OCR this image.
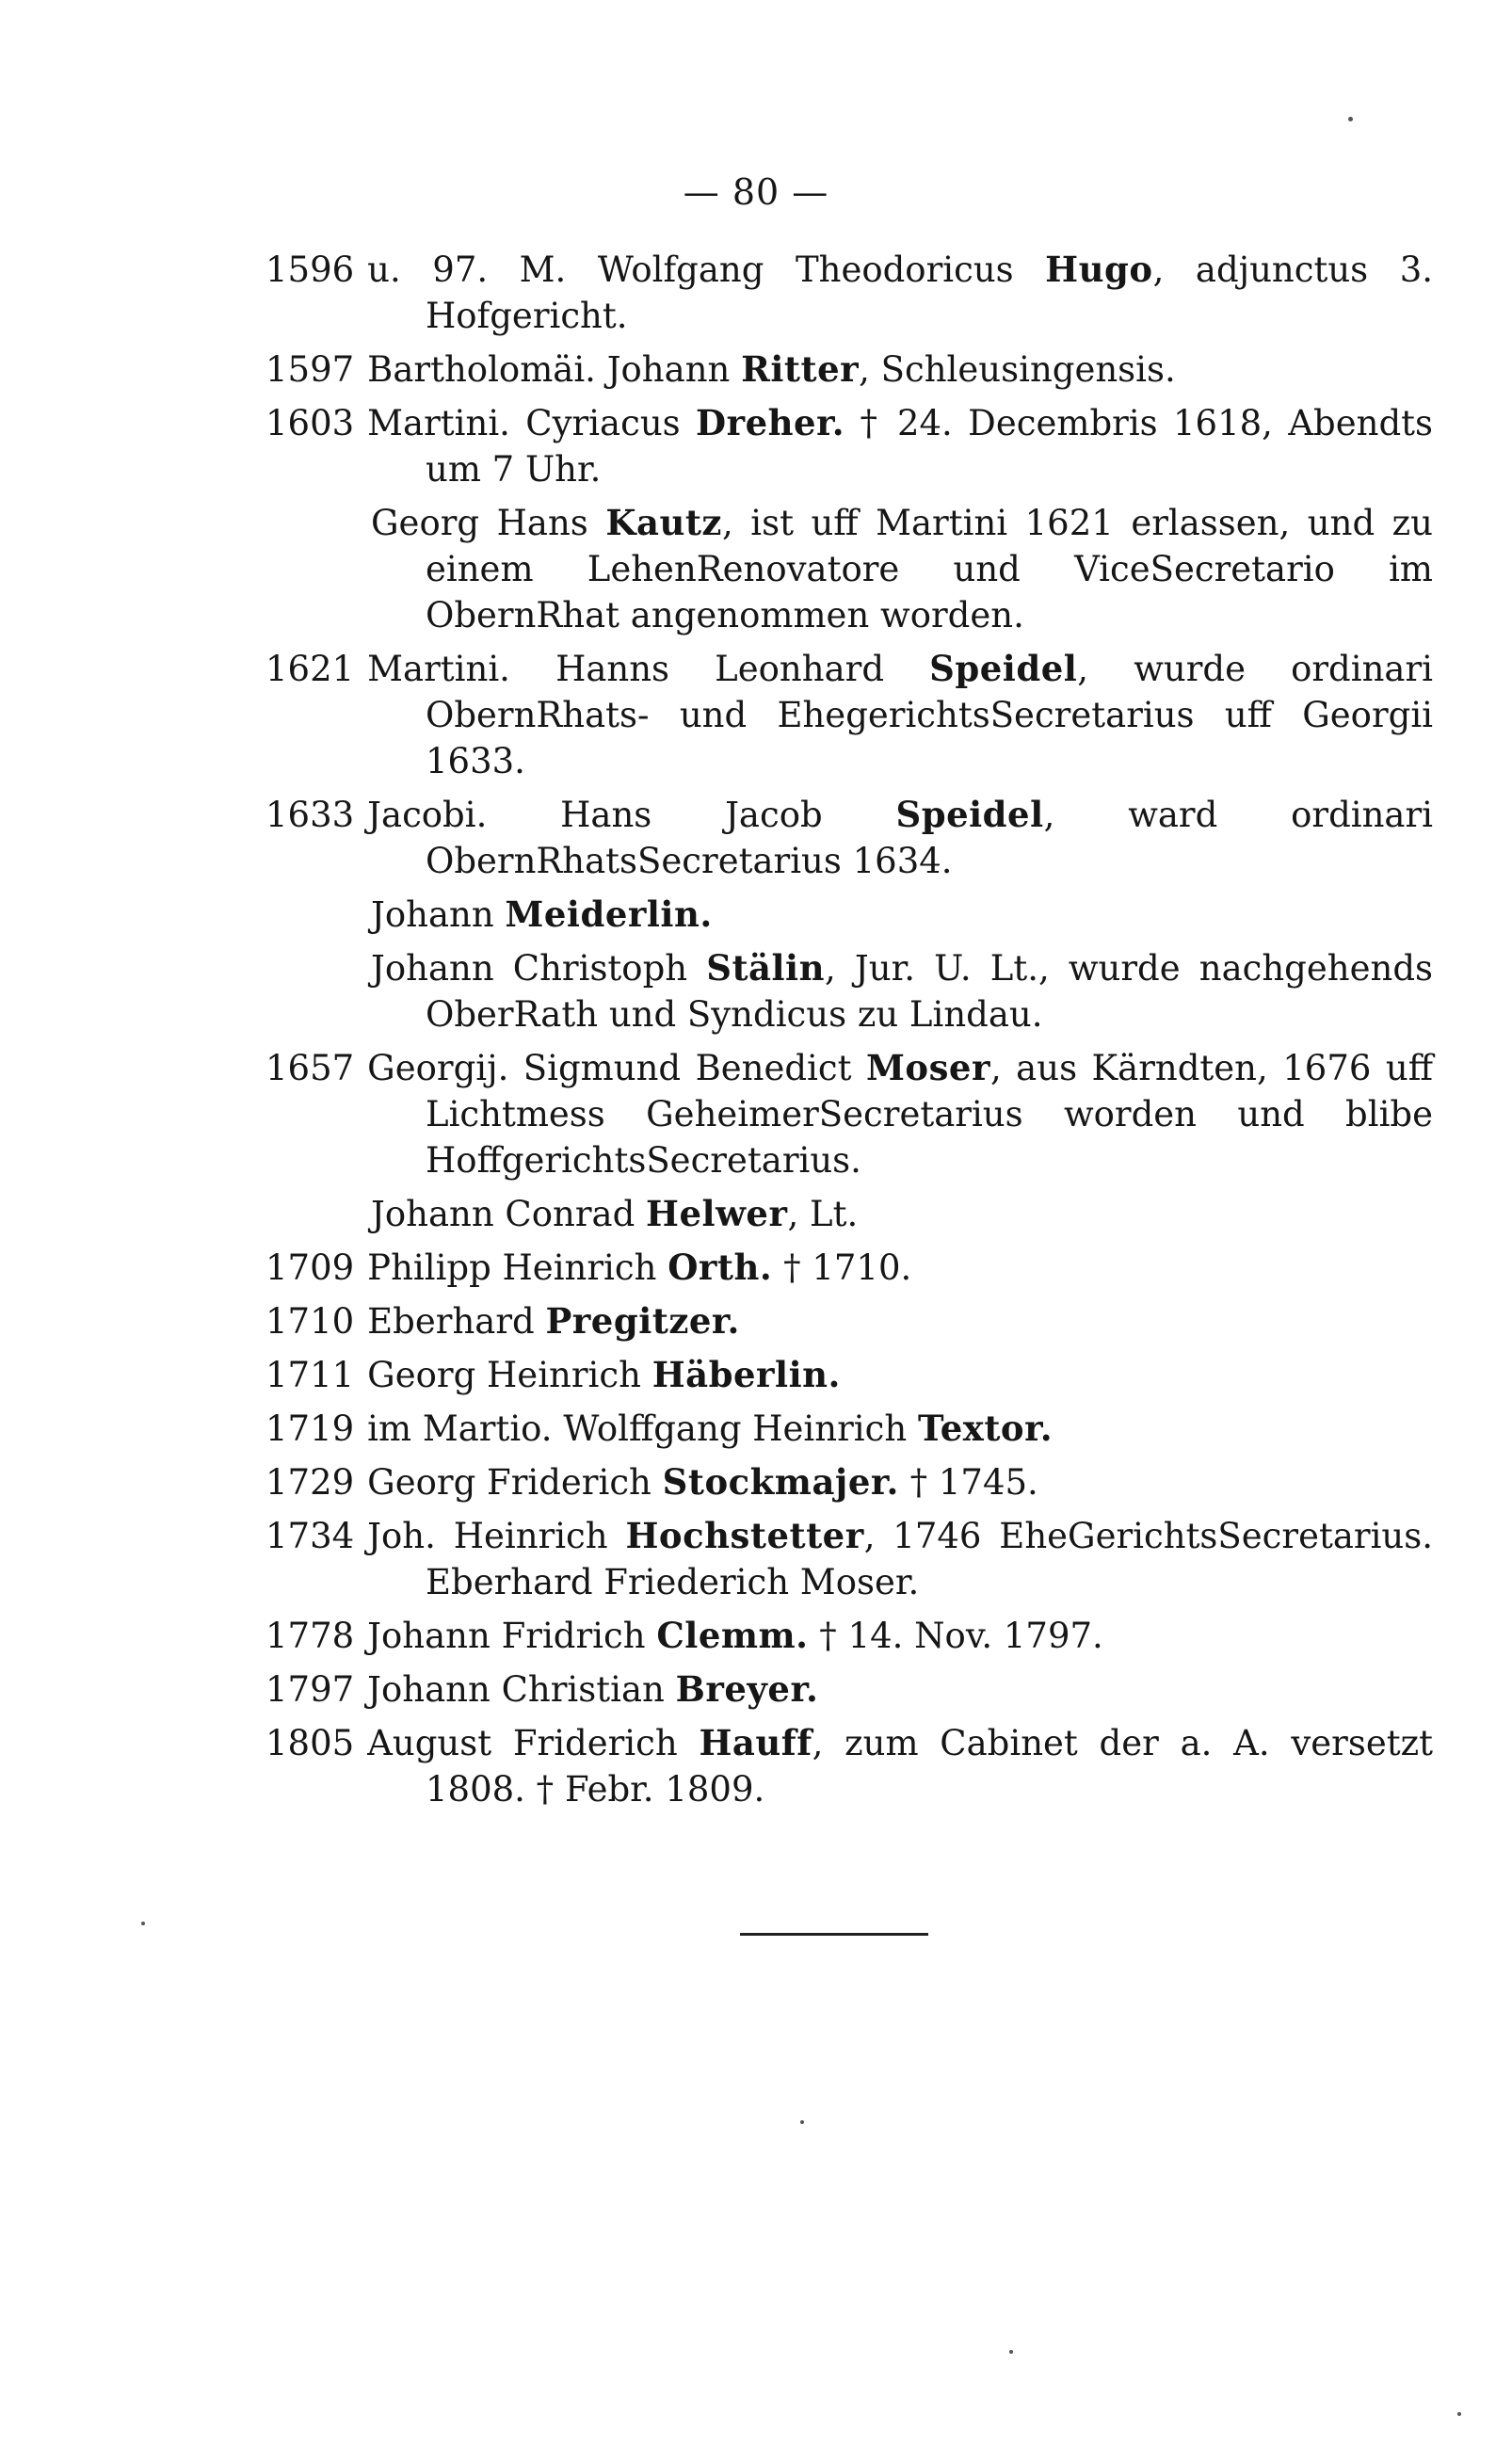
— 80 —
1596 u. 97. M. Wolfgang Theodoricus Hugo, adjunctus 3. Hofgericht.
1597 Bartholomäi. Johann Ritter, Schleusingensis.
1603 Martini. Cyriacus Dreher. † 24. Decembris 1618, Abendts um 7 Uhr.
Georg Hans Kautz, ist uff Martini 1621 erlassen, und zu einem LehenRenovatore und ViceSecretario im ObernRhat angenommen worden.
1621 Martini. Hanns Leonhard Speidel, wurde ordinari ObernRhats- und EhegerichtsSecretarius uff Georgii 1633.
1633 Jacobi. Hans Jacob Speidel, ward ordinari ObernRhatsSecretarius 1634.
Johann Meiderlin.
Johann Christoph Stälin, Jur. U. Lt., wurde nachgehends OberRath und Syndicus zu Lindau.
1657 Georgij. Sigmund Benedict Moser, aus Kärndten, 1676 uff Lichtmess GeheimerSecretarius worden und blibe HoffgerichtsSecretarius.
Johann Conrad Helwer, Lt.
1709 Philipp Heinrich Orth. † 1710.
1710 Eberhard Pregitzer.
1711 Georg Heinrich Häberlin.
1719 im Martio. Wolffgang Heinrich Textor.
1729 Georg Friderich Stockmajer. † 1745.
1734 Joh. Heinrich Hochstetter, 1746 EheGerichtsSecretarius. Eberhard Friederich Moser.
1778 Johann Fridrich Clemm. † 14. Nov. 1797.
1797 Johann Christian Breyer.
1805 August Friderich Hauff, zum Cabinet der a. A. versetzt 1808. † Febr. 1809.
